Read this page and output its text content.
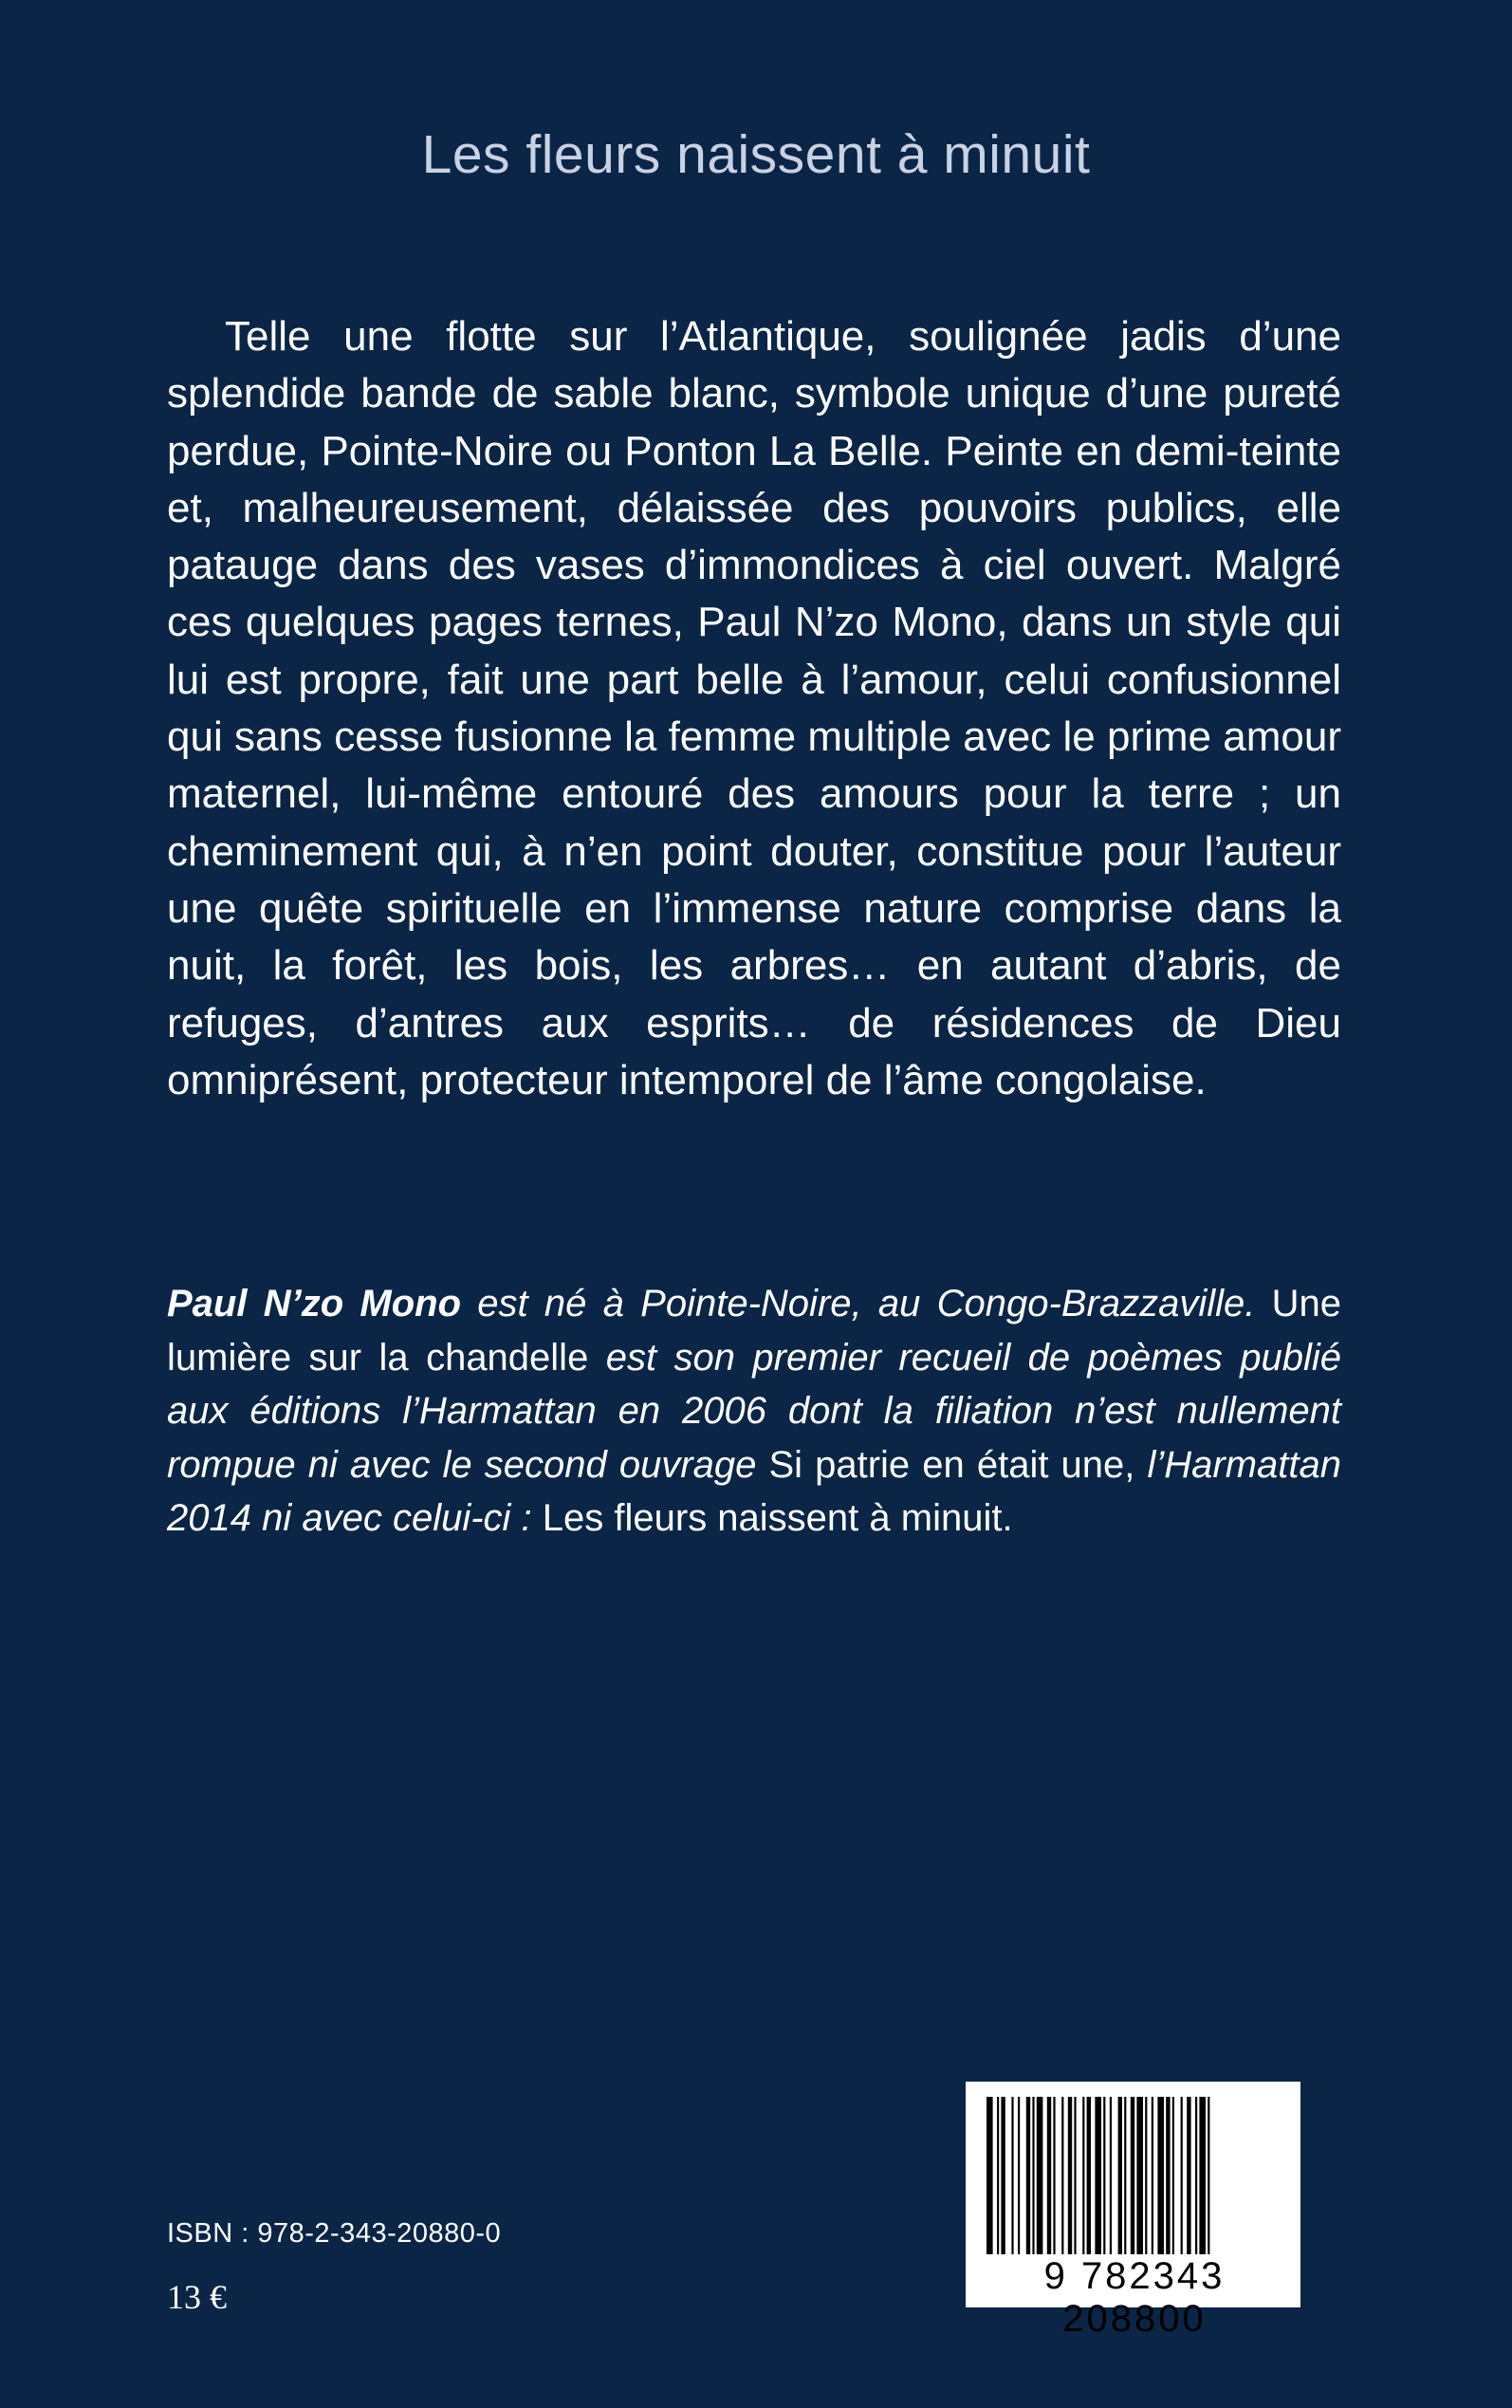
Les fleurs naissent à minuit

Telle une flotte sur l’Atlantique, soulignée jadis d’une splendide bande de sable blanc, symbole unique d’une pureté perdue, Pointe-Noire ou Ponton La Belle. Peinte en demi-teinte et, malheureusement, délaissée des pouvoirs publics, elle patauge dans des vases d’immondices à ciel ouvert. Malgré ces quelques pages ternes, Paul N’zo Mono, dans un style qui lui est propre, fait une part belle à l’amour, celui confusionnel qui sans cesse fusionne la femme multiple avec le prime amour maternel, lui-même entouré des amours pour la terre ; un cheminement qui, à n’en point douter, constitue pour l’auteur une quête spirituelle en l’immense nature comprise dans la nuit, la forêt, les bois, les arbres… en autant d’abris, de refuges, d’antres aux esprits… de résidences de Dieu omniprésent, protecteur intemporel de l’âme congolaise.

Paul N’zo Mono est né à Pointe-Noire, au Congo-Brazzaville. Une lumière sur la chandelle est son premier recueil de poèmes publié aux éditions l’Harmattan en 2006 dont la filiation n’est nullement rompue ni avec le second ouvrage Si patrie en était une, l’Harmattan 2014 ni avec celui-ci : Les fleurs naissent à minuit.

ISBN : 978-2-343-20880-0
13 €	9 782343 208800
